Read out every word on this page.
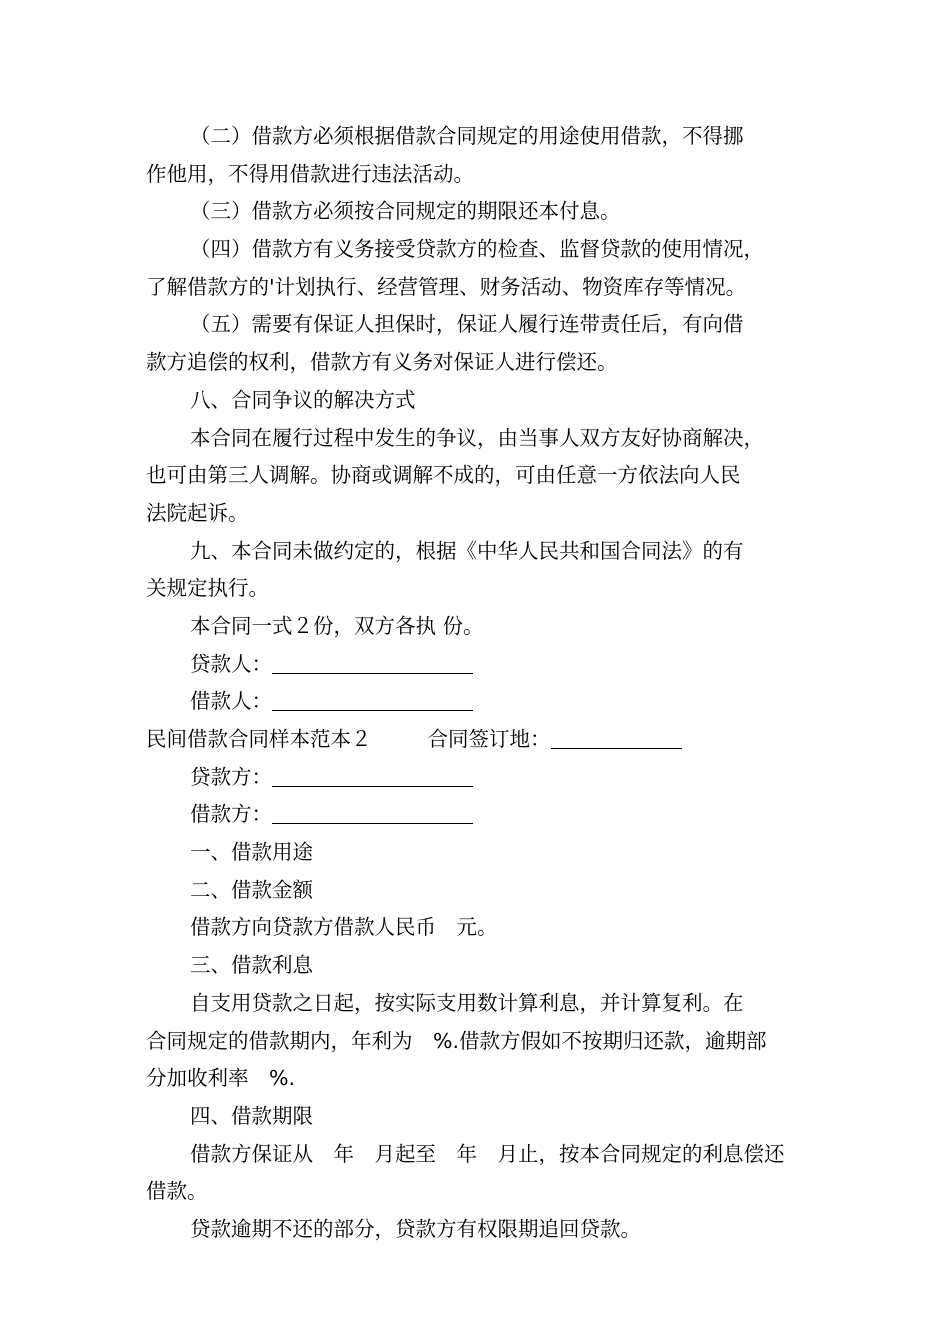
（二）借款方必须根据借款合同规定的用途使用借款，不得挪
作他用，不得用借款进行违法活动。
（三）借款方必须按合同规定的期限还本付息。
（四）借款方有义务接受贷款方的检查、监督贷款的使用情况，
了解借款方的'计划执行、经营管理、财务活动、物资库存等情况。
（五）需要有保证人担保时，保证人履行连带责任后，有向借
款方追偿的权利，借款方有义务对保证人进行偿还。
八、合同争议的解决方式
本合同在履行过程中发生的争议，由当事人双方友好协商解决，
也可由第三人调解。协商或调解不成的，可由任意一方依法向人民
法院起诉。
九、本合同未做约定的，根据《中华人民共和国合同法》的有
关规定执行。
本合同一式２份，双方各执 份。
贷款人：
借款人：
民间借款合同样本范本２	合同签订地：
贷款方：
借款方：
一、借款用途
二、借款金额
借款方向贷款方借款人民币　元。
三、借款利息
自支用贷款之日起，按实际支用数计算利息，并计算复利。在
合同规定的借款期内，年利为　%.借款方假如不按期归还款，逾期部
分加收利率　%.
四、借款期限
借款方保证从　年　月起至　年　月止，按本合同规定的利息偿还
借款。
贷款逾期不还的部分，贷款方有权限期追回贷款。
